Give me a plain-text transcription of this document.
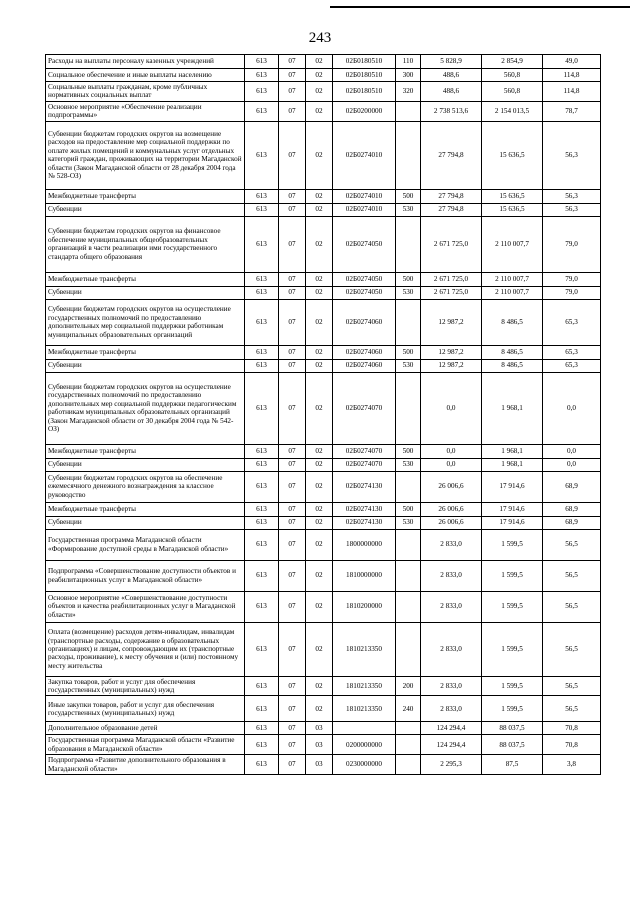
243
Расходы на выплаты персоналу казенных учреждений	613	07	02	02Б0180510	110	5 828,9	2 854,9	49,0
Социальное обеспечение и иные выплаты населению	613	07	02	02Б0180510	300	488,6	560,8	114,8
Социальные выплаты гражданам, кроме публичных нормативных социальных выплат	613	07	02	02Б0180510	320	488,6	560,8	114,8
Основное мероприятие «Обеспечение реализации подпрограммы»	613	07	02	02Б0200000		2 738 513,6	2 154 013,5	78,7
Субвенции бюджетам городских округов на возмещение расходов на предоставление мер социальной поддержки по оплате жилых помещений и коммунальных услуг отдельных категорий граждан, проживающих на территории Магаданской области (Закон Магаданской области от 28 декабря 2004 года № 528-ОЗ)	613	07	02	02Б0274010		27 794,8	15 636,5	56,3
Межбюджетные трансферты	613	07	02	02Б0274010	500	27 794,8	15 636,5	56,3
Субвенции	613	07	02	02Б0274010	530	27 794,8	15 636,5	56,3
Субвенции бюджетам городских округов на финансовое обеспечение муниципальных общеобразовательных организаций в части реализации ими государственного стандарта общего образования	613	07	02	02Б0274050		2 671 725,0	2 110 007,7	79,0
Межбюджетные трансферты	613	07	02	02Б0274050	500	2 671 725,0	2 110 007,7	79,0
Субвенции	613	07	02	02Б0274050	530	2 671 725,0	2 110 007,7	79,0
Субвенции бюджетам городских округов на осуществление государственных полномочий по предоставлению дополнительных мер социальной поддержки работникам муниципальных образовательных организаций	613	07	02	02Б0274060		12 987,2	8 486,5	65,3
Межбюджетные трансферты	613	07	02	02Б0274060	500	12 987,2	8 486,5	65,3
Субвенции	613	07	02	02Б0274060	530	12 987,2	8 486,5	65,3
Субвенции бюджетам городских округов на осуществление государственных полномочий по предоставлению дополнительных мер социальной поддержки педагогическим работникам муниципальных образовательных организаций (Закон Магаданской области от 30 декабря 2004 года № 542-ОЗ)	613	07	02	02Б0274070		0,0	1 968,1	0,0
Межбюджетные трансферты	613	07	02	02Б0274070	500	0,0	1 968,1	0,0
Субвенции	613	07	02	02Б0274070	530	0,0	1 968,1	0,0
Субвенции бюджетам городских округов на обеспечение ежемесячного денежного вознаграждения за классное руководство	613	07	02	02Б0274130		26 006,6	17 914,6	68,9
Межбюджетные трансферты	613	07	02	02Б0274130	500	26 006,6	17 914,6	68,9
Субвенции	613	07	02	02Б0274130	530	26 006,6	17 914,6	68,9
Государственная программа Магаданской области «Формирование доступной среды в Магаданской области»	613	07	02	1800000000		2 833,0	1 599,5	56,5
Подпрограмма «Совершенствование доступности объектов и реабилитационных услуг в Магаданской области»	613	07	02	1810000000		2 833,0	1 599,5	56,5
Основное мероприятие «Совершенствование доступности объектов и качества реабилитационных услуг в Магаданской области»	613	07	02	1810200000		2 833,0	1 599,5	56,5
Оплата (возмещение) расходов детям-инвалидам, инвалидам (транспортные расходы, содержание в образовательных организациях) и лицам, сопровождающим их (транспортные расходы, проживание), к месту обучения и (или) постоянному месту жительства	613	07	02	1810213350		2 833,0	1 599,5	56,5
Закупка товаров, работ и услуг для обеспечения государственных (муниципальных) нужд	613	07	02	1810213350	200	2 833,0	1 599,5	56,5
Иные закупки товаров, работ и услуг для обеспечения государственных (муниципальных) нужд	613	07	02	1810213350	240	2 833,0	1 599,5	56,5
Дополнительное образование детей	613	07	03			124 294,4	88 037,5	70,8
Государственная программа Магаданской области «Развитие образования в Магаданской области»	613	07	03	0200000000		124 294,4	88 037,5	70,8
Подпрограмма «Развитие дополнительного образования в Магаданской области»	613	07	03	0230000000		2 295,3	87,5	3,8
